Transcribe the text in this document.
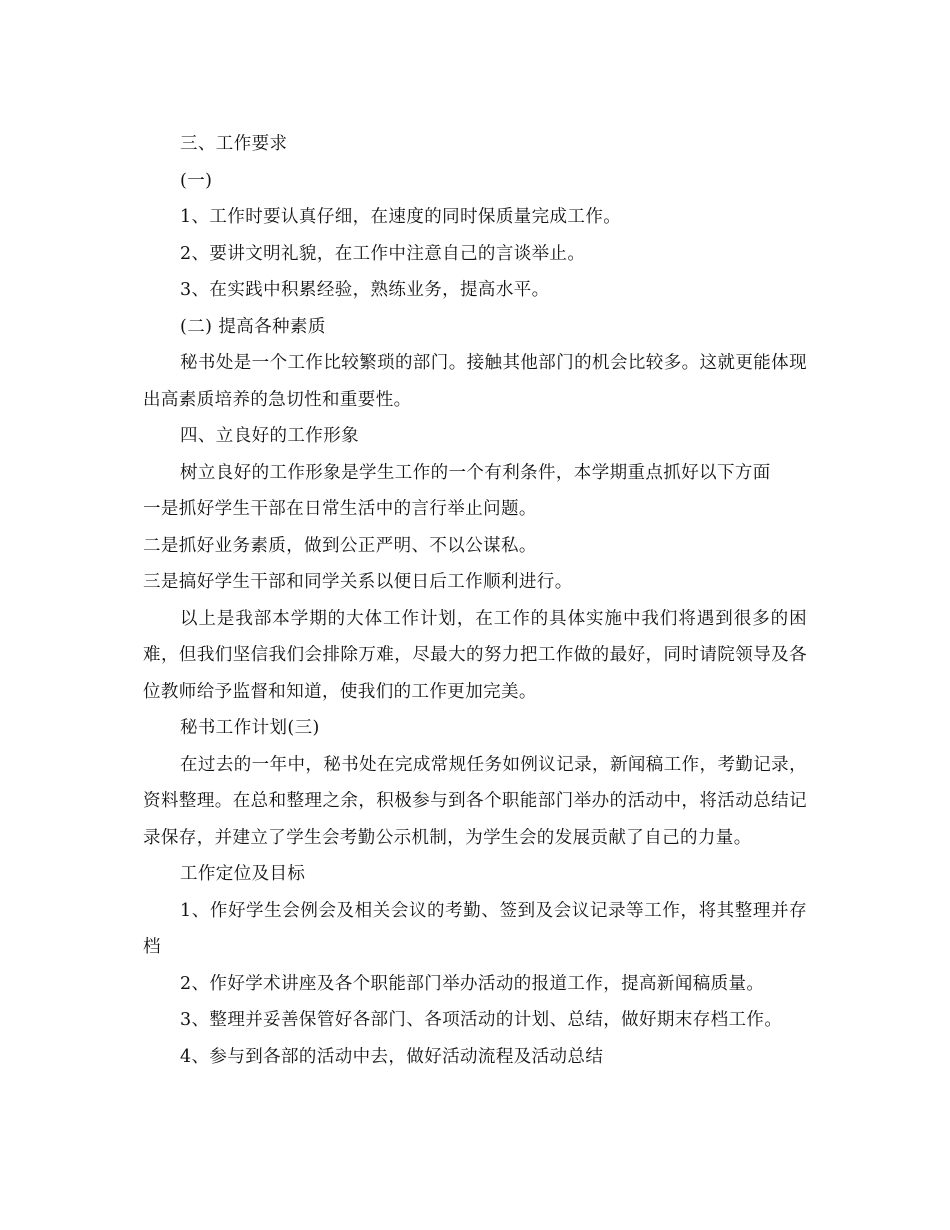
三、工作要求

(一)

1、工作时要认真仔细，在速度的同时保质量完成工作。

2、要讲文明礼貌，在工作中注意自己的言谈举止。

3、在实践中积累经验，熟练业务，提高水平。

(二) 提高各种素质

秘书处是一个工作比较繁琐的部门。接触其他部门的机会比较多。这就更能体现出高素质培养的急切性和重要性。

四、立良好的工作形象

树立良好的工作形象是学生工作的一个有利条件，本学期重点抓好以下方面

一是抓好学生干部在日常生活中的言行举止问题。

二是抓好业务素质，做到公正严明、不以公谋私。

三是搞好学生干部和同学关系以便日后工作顺利进行。

以上是我部本学期的大体工作计划，在工作的具体实施中我们将遇到很多的困难，但我们坚信我们会排除万难，尽最大的努力把工作做的最好，同时请院领导及各位教师给予监督和知道，使我们的工作更加完美。

秘书工作计划(三)

在过去的一年中，秘书处在完成常规任务如例议记录，新闻稿工作，考勤记录，资料整理。在总和整理之余，积极参与到各个职能部门举办的活动中，将活动总结记录保存，并建立了学生会考勤公示机制，为学生会的发展贡献了自己的力量。

工作定位及目标

1、作好学生会例会及相关会议的考勤、签到及会议记录等工作，将其整理并存档

2、作好学术讲座及各个职能部门举办活动的报道工作，提高新闻稿质量。

3、整理并妥善保管好各部门、各项活动的计划、总结，做好期末存档工作。

4、参与到各部的活动中去，做好活动流程及活动总结
